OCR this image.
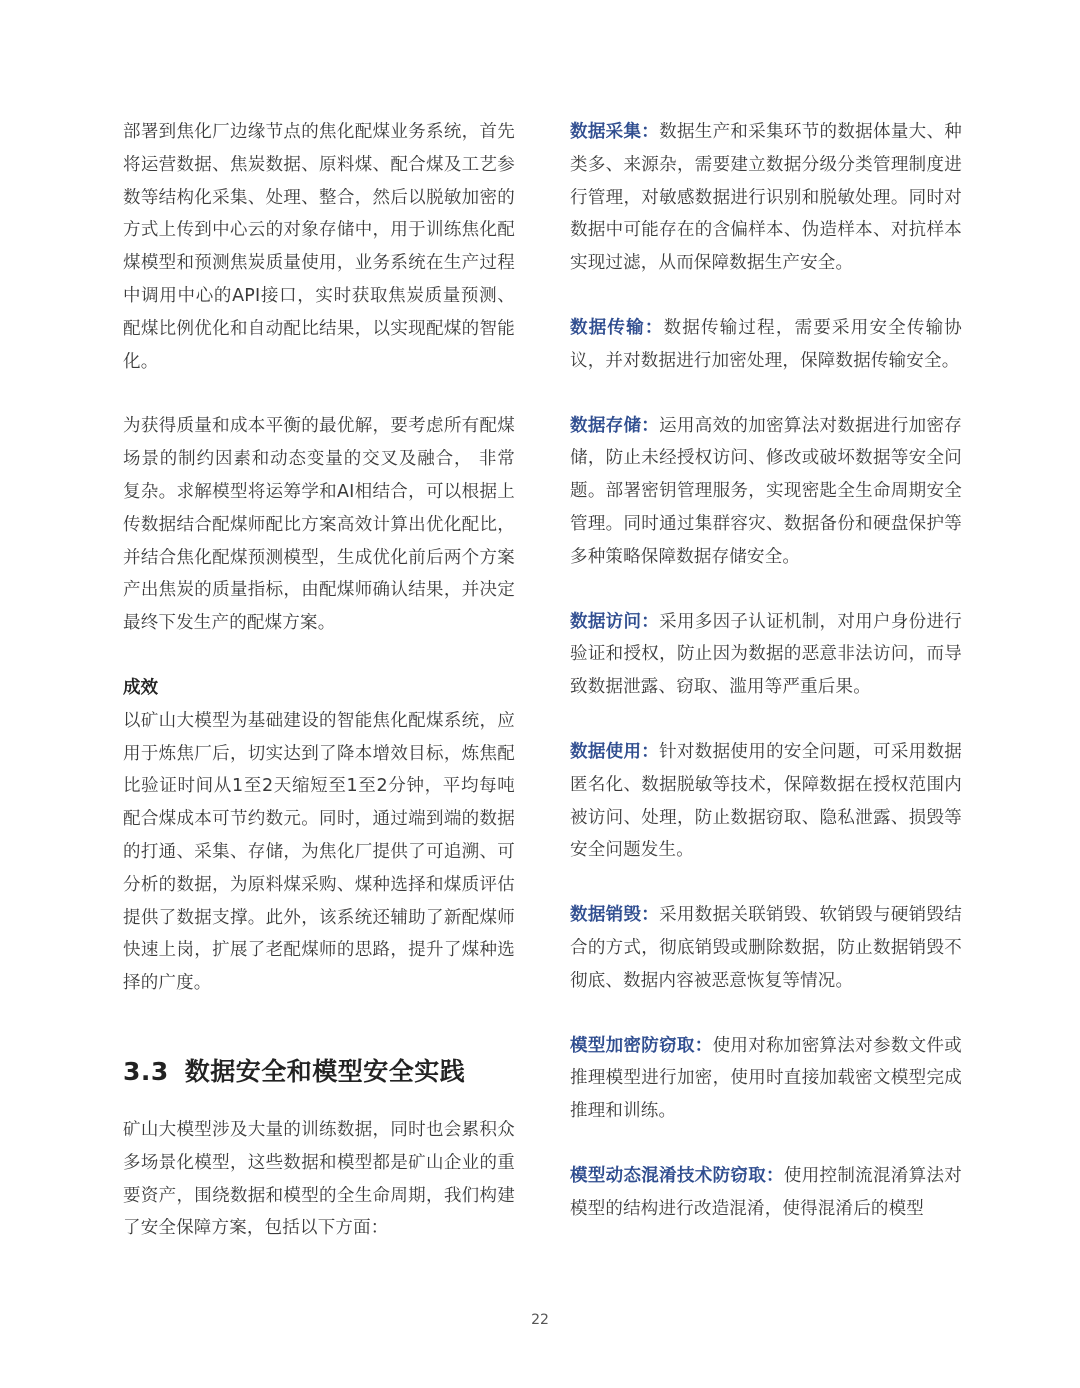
部署到焦化厂边缘节点的焦化配煤业务系统，首先将运营数据、焦炭数据、原料煤、配合煤及工艺参数等结构化采集、处理、整合，然后以脱敏加密的方式上传到中心云的对象存储中，用于训练焦化配煤模型和预测焦炭质量使用，业务系统在生产过程中调用中心的API接口，实时获取焦炭质量预测、配煤比例优化和自动配比结果，以实现配煤的智能化。

为获得质量和成本平衡的最优解，要考虑所有配煤场景的制约因素和动态变量的交叉及融合， 非常复杂。求解模型将运筹学和AI相结合，可以根据上传数据结合配煤师配比方案高效计算出优化配比，并结合焦化配煤预测模型，生成优化前后两个方案产出焦炭的质量指标，由配煤师确认结果，并决定最终下发生产的配煤方案。

成效

以矿山大模型为基础建设的智能焦化配煤系统，应用于炼焦厂后，切实达到了降本增效目标，炼焦配比验证时间从1至2天缩短至1至2分钟，平均每吨配合煤成本可节约数元。同时，通过端到端的数据的打通、采集、存储，为焦化厂提供了可追溯、可分析的数据，为原料煤采购、煤种选择和煤质评估提供了数据支撑。此外，该系统还辅助了新配煤师快速上岗，扩展了老配煤师的思路，提升了煤种选择的广度。

3.3 数据安全和模型安全实践

矿山大模型涉及大量的训练数据，同时也会累积众多场景化模型，这些数据和模型都是矿山企业的重要资产，围绕数据和模型的全生命周期，我们构建了安全保障方案，包括以下方面：

数据采集：数据生产和采集环节的数据体量大、种类多、来源杂，需要建立数据分级分类管理制度进行管理，对敏感数据进行识别和脱敏处理。同时对数据中可能存在的含偏样本、伪造样本、对抗样本实现过滤，从而保障数据生产安全。

数据传输：数据传输过程，需要采用安全传输协议，并对数据进行加密处理，保障数据传输安全。

数据存储：运用高效的加密算法对数据进行加密存储，防止未经授权访问、修改或破坏数据等安全问题。部署密钥管理服务，实现密匙全生命周期安全管理。同时通过集群容灾、数据备份和硬盘保护等多种策略保障数据存储安全。

数据访问：采用多因子认证机制，对用户身份进行验证和授权，防止因为数据的恶意非法访问，而导致数据泄露、窃取、滥用等严重后果。

数据使用：针对数据使用的安全问题，可采用数据匿名化、数据脱敏等技术，保障数据在授权范围内被访问、处理，防止数据窃取、隐私泄露、损毁等安全问题发生。

数据销毁：采用数据关联销毁、软销毁与硬销毁结合的方式，彻底销毁或删除数据，防止数据销毁不彻底、数据内容被恶意恢复等情况。

模型加密防窃取：使用对称加密算法对参数文件或推理模型进行加密，使用时直接加载密文模型完成推理和训练。

模型动态混淆技术防窃取：使用控制流混淆算法对模型的结构进行改造混淆，使得混淆后的模型

22
